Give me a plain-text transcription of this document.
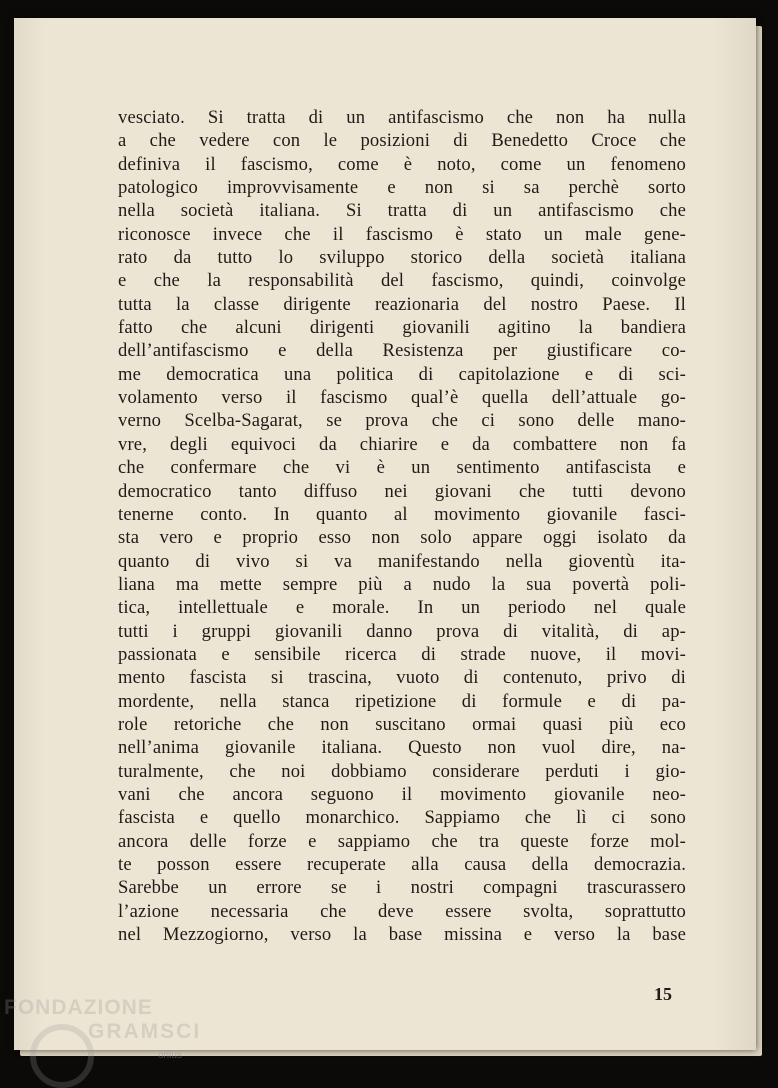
vesciato. Si tratta di un antifascismo che non ha nulla
a che vedere con le posizioni di Benedetto Croce che
definiva il fascismo, come è noto, come un fenomeno
patologico improvvisamente e non si sa perchè sorto
nella società italiana. Si tratta di un antifascismo che
riconosce invece che il fascismo è stato un male gene-
rato da tutto lo sviluppo storico della società italiana
e che la responsabilità del fascismo, quindi, coinvolge
tutta la classe dirigente reazionaria del nostro Paese. Il
fatto che alcuni dirigenti giovanili agitino la bandiera
dell’antifascismo e della Resistenza per giustificare co-
me democratica una politica di capitolazione e di sci-
volamento verso il fascismo qual’è quella dell’attuale go-
verno Scelba-Sagarat, se prova che ci sono delle mano-
vre, degli equivoci da chiarire e da combattere non fa
che confermare che vi è un sentimento antifascista e
democratico tanto diffuso nei giovani che tutti devono
tenerne conto. In quanto al movimento giovanile fasci-
sta vero e proprio esso non solo appare oggi isolato da
quanto di vivo si va manifestando nella gioventù ita-
liana ma mette sempre più a nudo la sua povertà poli-
tica, intellettuale e morale. In un periodo nel quale
tutti i gruppi giovanili danno prova di vitalità, di ap-
passionata e sensibile ricerca di strade nuove, il movi-
mento fascista si trascina, vuoto di contenuto, privo di
mordente, nella stanca ripetizione di formule e di pa-
role retoriche che non suscitano ormai quasi più eco
nell’anima giovanile italiana. Questo non vuol dire, na-
turalmente, che noi dobbiamo considerare perduti i gio-
vani che ancora seguono il movimento giovanile neo-
fascista e quello monarchico. Sappiamo che lì ci sono
ancora delle forze e sappiamo che tra queste forze mol-
te posson essere recuperate alla causa della democrazia.
Sarebbe un errore se i nostri compagni trascurassero
l’azione necessaria che deve essere svolta, soprattutto
nel Mezzogiorno, verso la base missina e verso la base
15
FONDAZIONE
GRAMSCI
onlus
